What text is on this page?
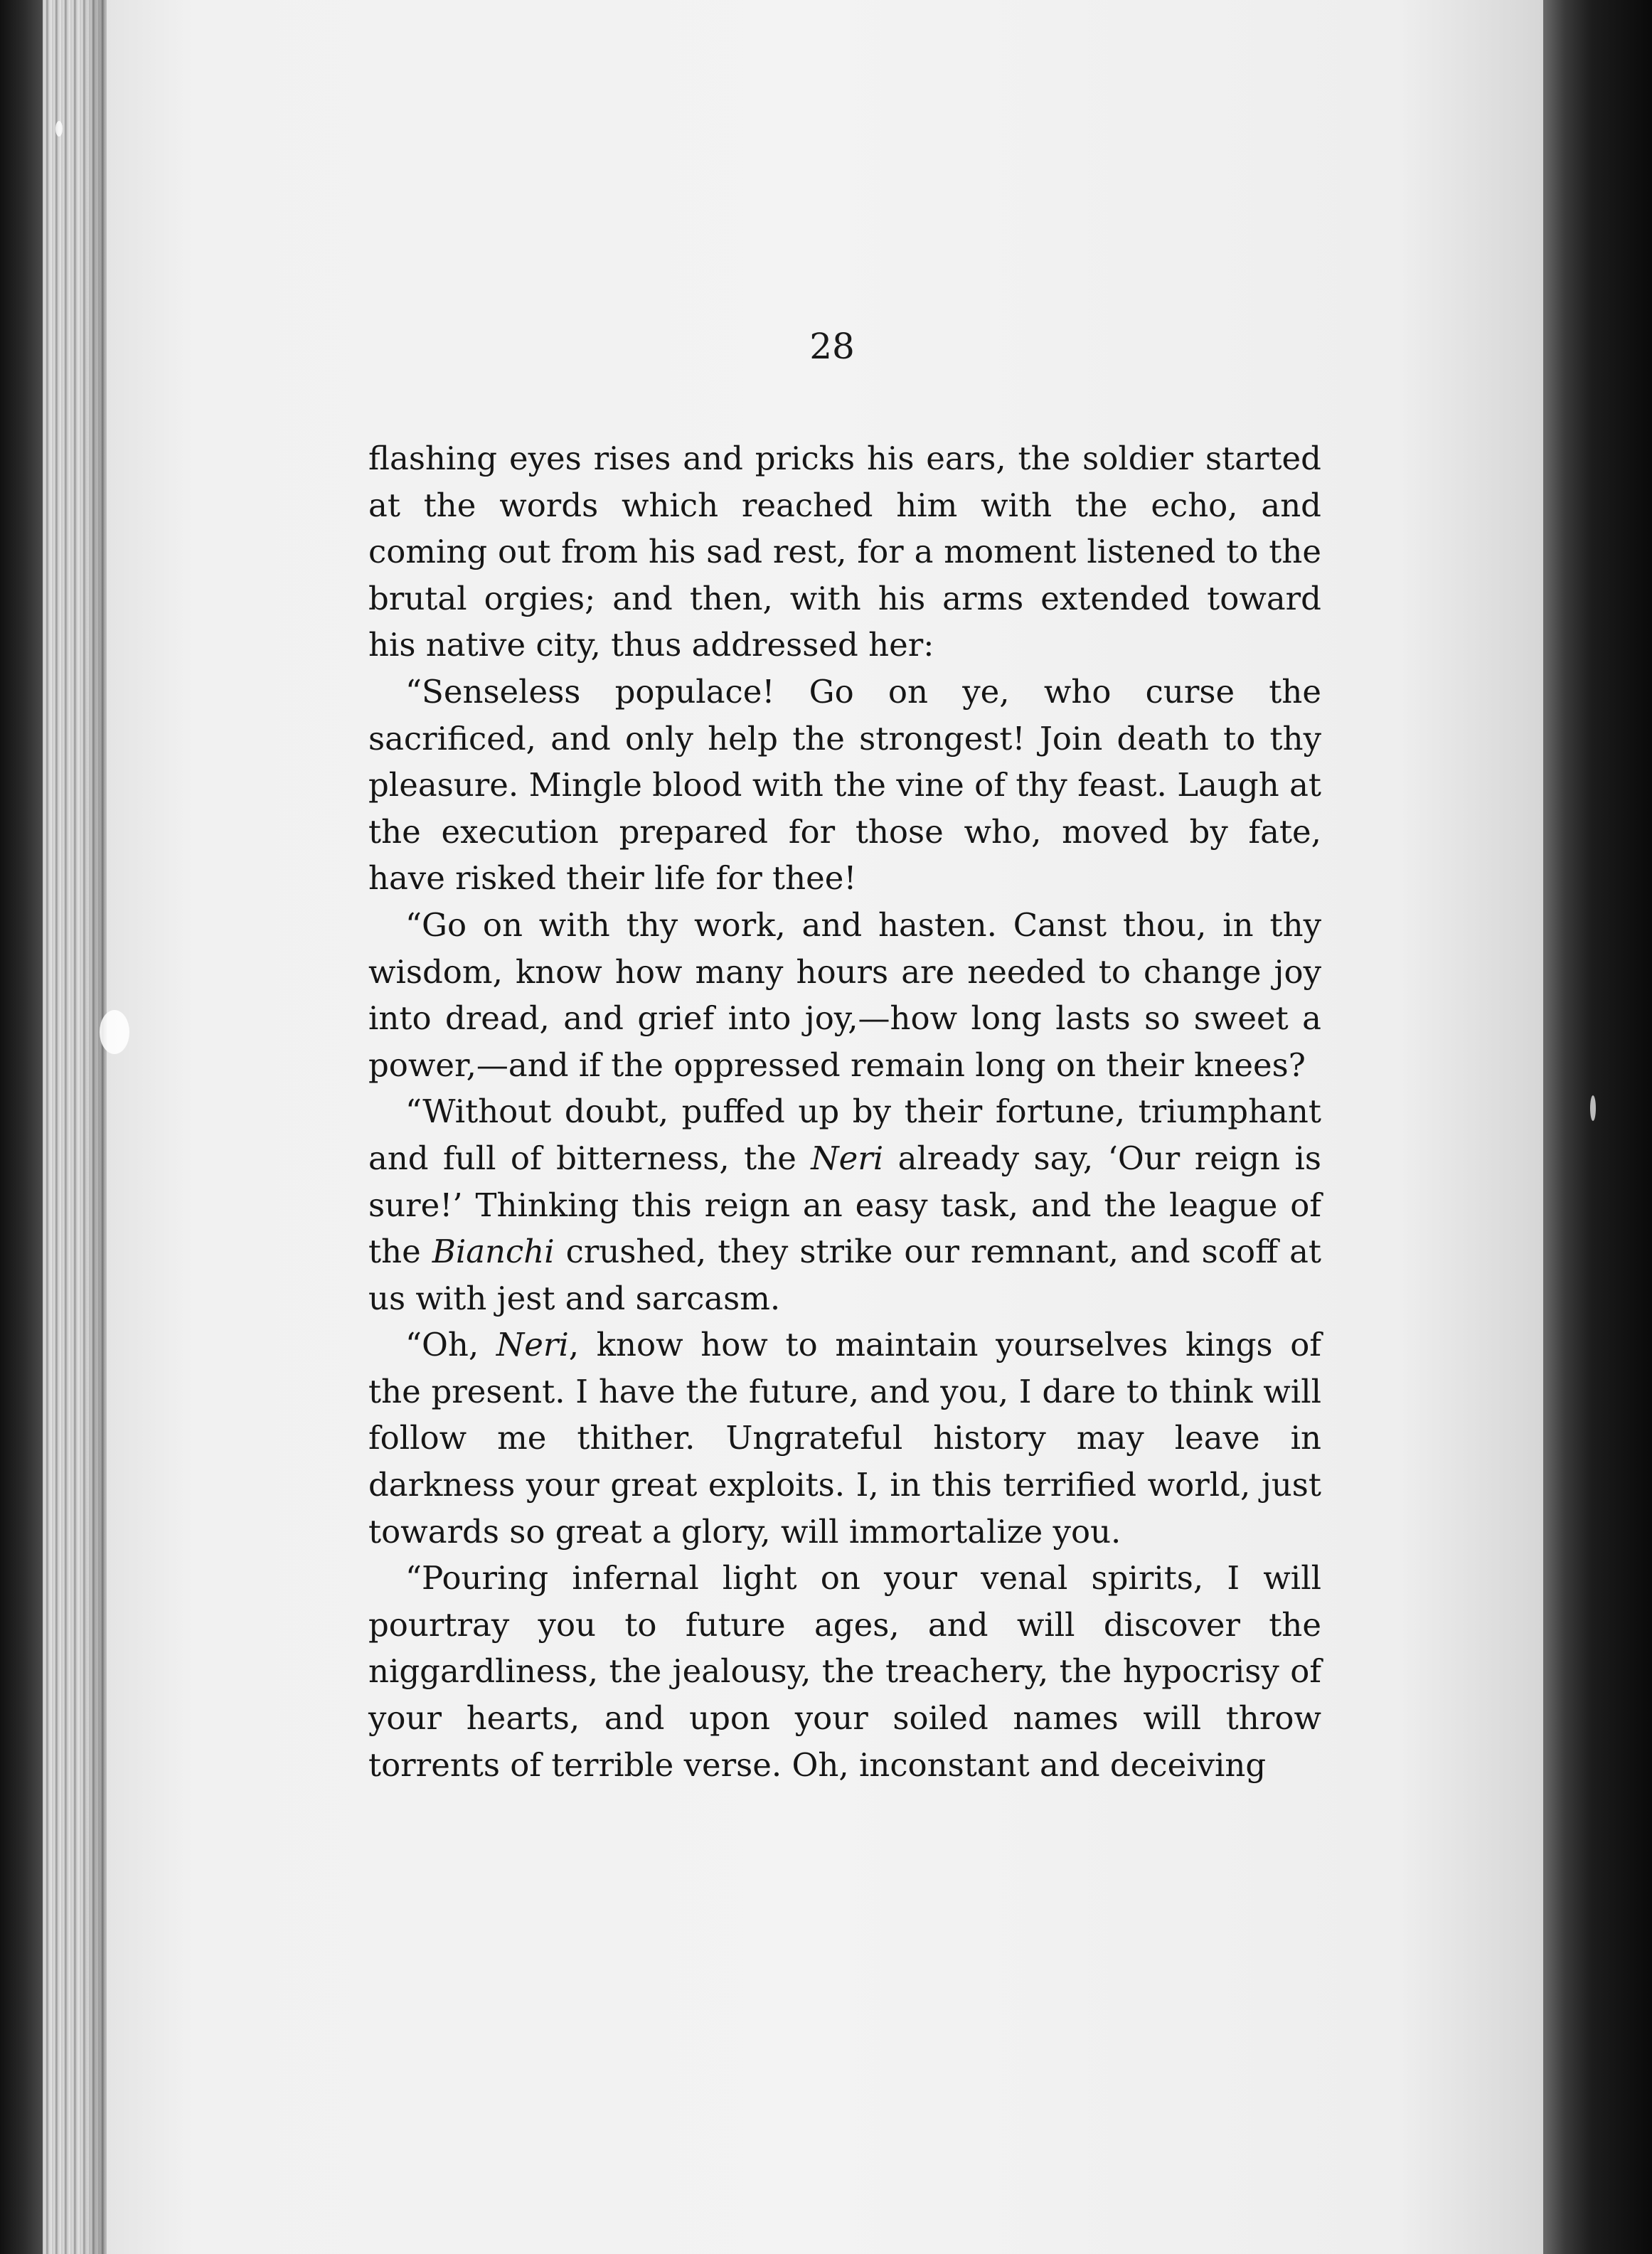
28

flashing eyes rises and pricks his ears, the soldier started at the words which reached him with the echo, and coming out from his sad rest, for a moment listened to the brutal orgies; and then, with his arms extended toward his native city, thus addressed her:

“Senseless populace! Go on ye, who curse the sacrificed, and only help the strongest! Join death to thy pleasure. Mingle blood with the vine of thy feast. Laugh at the execution prepared for those who, moved by fate, have risked their life for thee!

“Go on with thy work, and hasten. Canst thou, in thy wisdom, know how many hours are needed to change joy into dread, and grief into joy,—how long lasts so sweet a power,—and if the oppressed remain long on their knees?

“Without doubt, puffed up by their fortune, triumphant and full of bitterness, the Neri already say, ‘Our reign is sure!’ Thinking this reign an easy task, and the league of the Bianchi crushed, they strike our remnant, and scoff at us with jest and sarcasm.

“Oh, Neri, know how to maintain yourselves kings of the present. I have the future, and you, I dare to think will follow me thither. Ungrateful history may leave in darkness your great exploits. I, in this terrified world, just towards so great a glory, will immortalize you.

“Pouring infernal light on your venal spirits, I will pourtray you to future ages, and will discover the niggardliness, the jealousy, the treachery, the hypocrisy of your hearts, and upon your soiled names will throw torrents of terrible verse. Oh, inconstant and deceiving
